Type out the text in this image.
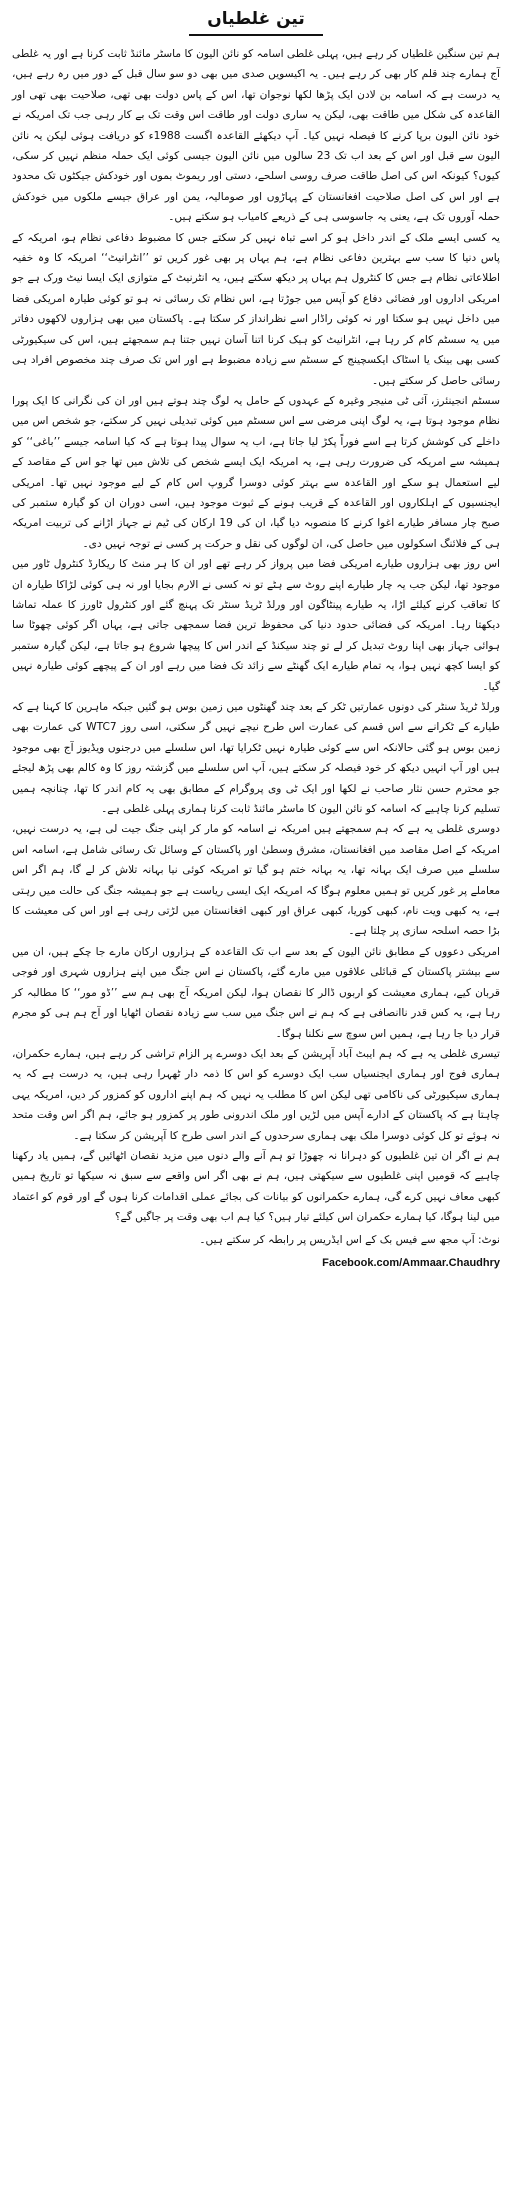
تین غلطیاں

ہم تین سنگین غلطیاں کر رہے ہیں، پہلی غلطی اسامہ کو نائن الیون کا ماسٹر مائنڈ ثابت کرنا ہے اور یہ غلطی آج ہمارے چند قلم کار بھی کر رہے ہیں۔ یہ اکیسویں صدی میں بھی دو سو سال قبل کے دور میں رہ رہے ہیں، یہ درست ہے کہ اسامہ بن لادن ایک پڑھا لکھا نوجوان تھا، اس کے پاس دولت بھی تھی، صلاحیت بھی تھی اور القاعدہ کی شکل میں طاقت بھی، لیکن یہ ساری دولت اور طاقت اس وقت تک بے کار رہی جب تک امریکہ نے خود نائن الیون برپا کرنے کا فیصلہ نہیں کیا۔ آپ دیکھئے القاعدہ اگست 1988ء کو دریافت ہوئی لیکن یہ نائن الیون سے قبل اور اس کے بعد اب تک 23 سالوں میں نائن الیون جیسی کوئی ایک حملہ منظم نہیں کر سکی، کیوں؟ کیونکہ اس کی اصل طاقت صرف روسی اسلحے، دستی اور ریموٹ بموں اور خودکش جیکٹوں تک محدود ہے اور اس کی اصل صلاحیت افغانستان کے پہاڑوں اور صومالیہ، یمن اور عراق جیسے ملکوں میں خودکش حملہ آوروں تک ہے، یعنی یہ جاسوسی ہی کے ذریعے کامیاب ہو سکتے ہیں۔

یہ کسی ایسے ملک کے اندر داخل ہو کر اسے تباہ نہیں کر سکتے جس کا مضبوط دفاعی نظام ہو، امریکہ کے پاس دنیا کا سب سے بہترین دفاعی نظام ہے، ہم یہاں پر بھی غور کریں تو ’’انٹرانیٹ‘‘ امریکہ کا وہ خفیہ اطلاعاتی نظام ہے جس کا کنٹرول ہم یہاں پر دیکھ سکتے ہیں، یہ انٹرنیٹ کے متوازی ایک ایسا نیٹ ورک ہے جو امریکی اداروں اور فضائی دفاع کو آپس میں جوڑتا ہے، اس نظام تک رسائی نہ ہو تو کوئی طیارہ امریکی فضا میں داخل نہیں ہو سکتا اور نہ کوئی راڈار اسے نظرانداز کر سکتا ہے۔ پاکستان میں بھی ہزاروں لاکھوں دفاتر میں یہ سسٹم کام کر رہا ہے، انٹرانیٹ کو ہیک کرنا اتنا آسان نہیں جتنا ہم سمجھتے ہیں، اس کی سیکیورٹی کسی بھی بینک یا اسٹاک ایکسچینج کے سسٹم سے زیادہ مضبوط ہے اور اس تک صرف چند مخصوص افراد ہی رسائی حاصل کر سکتے ہیں۔

سسٹم انجینئرز، آئی ٹی منیجر وغیرہ کے عہدوں کے حامل یہ لوگ چند ہوتے ہیں اور ان کی نگرانی کا ایک پورا نظام موجود ہوتا ہے، یہ لوگ اپنی مرضی سے اس سسٹم میں کوئی تبدیلی نہیں کر سکتے، جو شخص اس میں داخلے کی کوشش کرتا ہے اسے فوراً پکڑ لیا جاتا ہے، اب یہ سوال پیدا ہوتا ہے کہ کیا اسامہ جیسے ’’باغی‘‘ کو ہمیشہ سے امریکہ کی ضرورت رہی ہے، یہ امریکہ ایک ایسے شخص کی تلاش میں تھا جو اس کے مقاصد کے لیے استعمال ہو سکے اور القاعدہ سے بہتر کوئی دوسرا گروپ اس کام کے لیے موجود نہیں تھا۔ امریکی ایجنسیوں کے اہلکاروں اور القاعدہ کے قریب ہونے کے ثبوت موجود ہیں، اسی دوران ان کو گیارہ ستمبر کی صبح چار مسافر طیارے اغوا کرنے کا منصوبہ دیا گیا، ان کی 19 ارکان کی ٹیم نے جہاز اڑانے کی تربیت امریکہ ہی کے فلائنگ اسکولوں میں حاصل کی، ان لوگوں کی نقل و حرکت پر کسی نے توجہ نہیں دی۔

اس روز بھی ہزاروں طیارے امریکی فضا میں پرواز کر رہے تھے اور ان کا ہر منٹ کا ریکارڈ کنٹرول ٹاور میں موجود تھا، لیکن جب یہ چار طیارے اپنے روٹ سے ہٹے تو نہ کسی نے الارم بجایا اور نہ ہی کوئی لڑاکا طیارہ ان کا تعاقب کرنے کیلئے اڑا، یہ طیارے پینٹاگون اور ورلڈ ٹریڈ سنٹر تک پہنچ گئے اور کنٹرول ٹاورز کا عملہ تماشا دیکھتا رہا۔ امریکہ کی فضائی حدود دنیا کی محفوظ ترین فضا سمجھی جاتی ہے، یہاں اگر کوئی چھوٹا سا ہوائی جہاز بھی اپنا روٹ تبدیل کر لے تو چند سیکنڈ کے اندر اس کا پیچھا شروع ہو جاتا ہے، لیکن گیارہ ستمبر کو ایسا کچھ نہیں ہوا، یہ تمام طیارے ایک گھنٹے سے زائد تک فضا میں رہے اور ان کے پیچھے کوئی طیارہ نہیں گیا۔

ورلڈ ٹریڈ سنٹر کی دونوں عمارتیں ٹکر کے بعد چند گھنٹوں میں زمین بوس ہو گئیں جبکہ ماہرین کا کہنا ہے کہ طیارے کے ٹکرانے سے اس قسم کی عمارت اس طرح نیچے نہیں گر سکتی، اسی روز WTC7 کی عمارت بھی زمین بوس ہو گئی حالانکہ اس سے کوئی طیارہ نہیں ٹکرایا تھا، اس سلسلے میں درجنوں ویڈیوز آج بھی موجود ہیں اور آپ انہیں دیکھ کر خود فیصلہ کر سکتے ہیں، آپ اس سلسلے میں گزشتہ روز کا وہ کالم بھی پڑھ لیجئے جو محترم حسن نثار صاحب نے لکھا اور ایک ٹی وی پروگرام کے مطابق بھی یہ کام اندر کا تھا، چنانچہ ہمیں تسلیم کرنا چاہیے کہ اسامہ کو نائن الیون کا ماسٹر مائنڈ ثابت کرنا ہماری پہلی غلطی ہے۔

دوسری غلطی یہ ہے کہ ہم سمجھتے ہیں امریکہ نے اسامہ کو مار کر اپنی جنگ جیت لی ہے، یہ درست نہیں، امریکہ کے اصل مقاصد میں افغانستان، مشرق وسطیٰ اور پاکستان کے وسائل تک رسائی شامل ہے، اسامہ اس سلسلے میں صرف ایک بہانہ تھا، یہ بہانہ ختم ہو گیا تو امریکہ کوئی نیا بہانہ تلاش کر لے گا، ہم اگر اس معاملے پر غور کریں تو ہمیں معلوم ہوگا کہ امریکہ ایک ایسی ریاست ہے جو ہمیشہ جنگ کی حالت میں رہتی ہے، یہ کبھی ویت نام، کبھی کوریا، کبھی عراق اور کبھی افغانستان میں لڑتی رہی ہے اور اس کی معیشت کا بڑا حصہ اسلحہ سازی پر چلتا ہے۔

امریکی دعووں کے مطابق نائن الیون کے بعد سے اب تک القاعدہ کے ہزاروں ارکان مارے جا چکے ہیں، ان میں سے بیشتر پاکستان کے قبائلی علاقوں میں مارے گئے، پاکستان نے اس جنگ میں اپنے ہزاروں شہری اور فوجی قربان کیے، ہماری معیشت کو اربوں ڈالر کا نقصان ہوا، لیکن امریکہ آج بھی ہم سے ’’ڈو مور‘‘ کا مطالبہ کر رہا ہے، یہ کس قدر ناانصافی ہے کہ ہم نے اس جنگ میں سب سے زیادہ نقصان اٹھایا اور آج ہم ہی کو مجرم قرار دیا جا رہا ہے، ہمیں اس سوچ سے نکلنا ہوگا۔

تیسری غلطی یہ ہے کہ ہم ایبٹ آباد آپریشن کے بعد ایک دوسرے پر الزام تراشی کر رہے ہیں، ہمارے حکمران، ہماری فوج اور ہماری ایجنسیاں سب ایک دوسرے کو اس کا ذمہ دار ٹھہرا رہی ہیں، یہ درست ہے کہ یہ ہماری سیکیورٹی کی ناکامی تھی لیکن اس کا مطلب یہ نہیں کہ ہم اپنے اداروں کو کمزور کر دیں، امریکہ یہی چاہتا ہے کہ پاکستان کے ادارے آپس میں لڑیں اور ملک اندرونی طور پر کمزور ہو جائے، ہم اگر اس وقت متحد نہ ہوئے تو کل کوئی دوسرا ملک بھی ہماری سرحدوں کے اندر اسی طرح کا آپریشن کر سکتا ہے۔

ہم نے اگر ان تین غلطیوں کو دہرانا نہ چھوڑا تو ہم آنے والے دنوں میں مزید نقصان اٹھائیں گے، ہمیں یاد رکھنا چاہیے کہ قومیں اپنی غلطیوں سے سیکھتی ہیں، ہم نے بھی اگر اس واقعے سے سبق نہ سیکھا تو تاریخ ہمیں کبھی معاف نہیں کرے گی، ہمارے حکمرانوں کو بیانات کی بجائے عملی اقدامات کرنا ہوں گے اور قوم کو اعتماد میں لینا ہوگا، کیا ہمارے حکمران اس کیلئے تیار ہیں؟ کیا ہم اب بھی وقت پر جاگیں گے؟

نوٹ: آپ مجھ سے فیس بک کے اس ایڈریس پر رابطہ کر سکتے ہیں۔
Facebook.com/Ammaar.Chaudhry
